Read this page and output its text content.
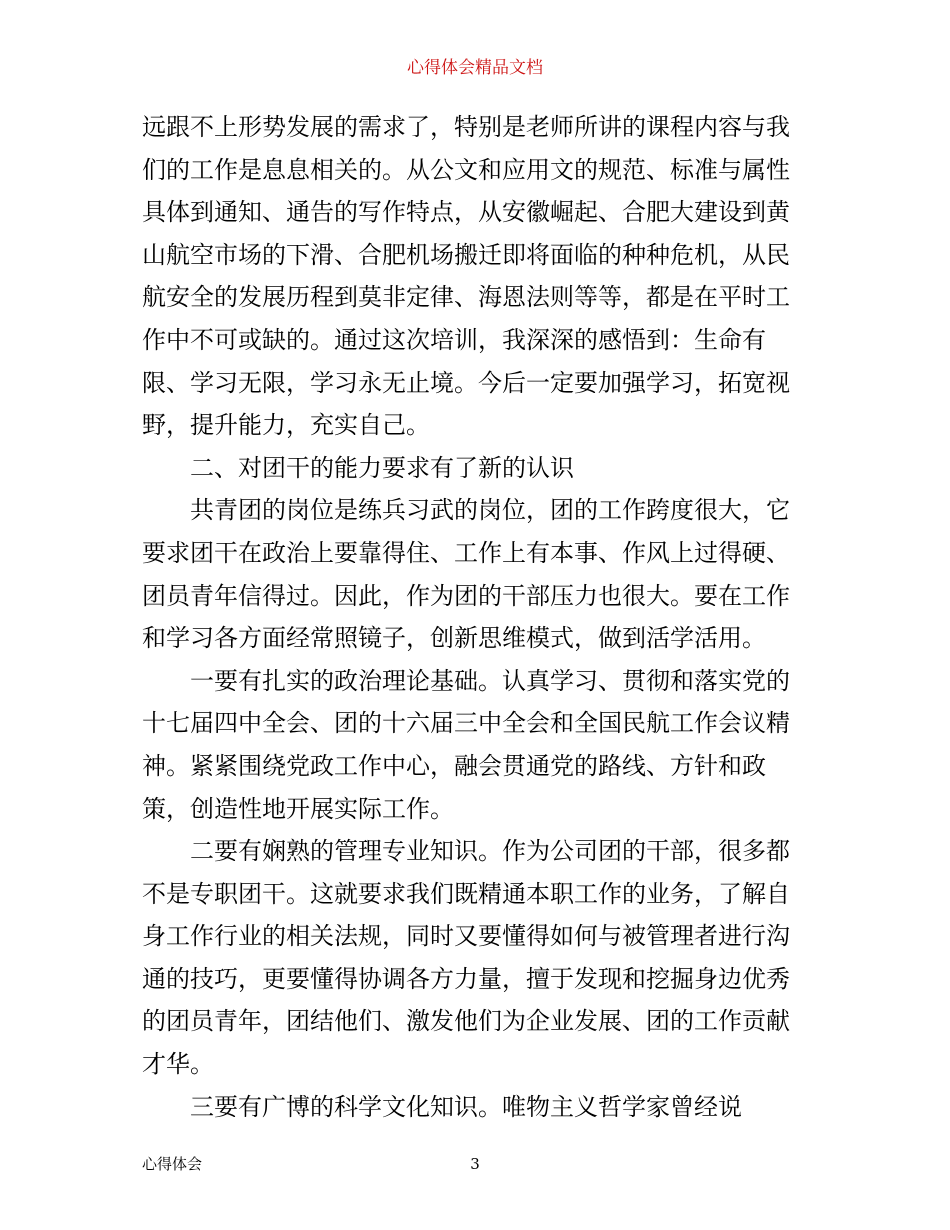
心得体会精品文档
远跟不上形势发展的需求了，特别是老师所讲的课程内容与我
们的工作是息息相关的。从公文和应用文的规范、标准与属性
具体到通知、通告的写作特点，从安徽崛起、合肥大建设到黄
山航空市场的下滑、合肥机场搬迁即将面临的种种危机，从民
航安全的发展历程到莫非定律、海恩法则等等，都是在平时工
作中不可或缺的。通过这次培训，我深深的感悟到：生命有
限、学习无限，学习永无止境。今后一定要加强学习，拓宽视
野，提升能力，充实自己。
二、对团干的能力要求有了新的认识
共青团的岗位是练兵习武的岗位，团的工作跨度很大，它
要求团干在政治上要靠得住、工作上有本事、作风上过得硬、
团员青年信得过。因此，作为团的干部压力也很大。要在工作
和学习各方面经常照镜子，创新思维模式，做到活学活用。
一要有扎实的政治理论基础。认真学习、贯彻和落实党的
十七届四中全会、团的十六届三中全会和全国民航工作会议精
神。紧紧围绕党政工作中心，融会贯通党的路线、方针和政
策，创造性地开展实际工作。
二要有娴熟的管理专业知识。作为公司团的干部，很多都
不是专职团干。这就要求我们既精通本职工作的业务，了解自
身工作行业的相关法规，同时又要懂得如何与被管理者进行沟
通的技巧，更要懂得协调各方力量，擅于发现和挖掘身边优秀
的团员青年，团结他们、激发他们为企业发展、团的工作贡献
才华。
三要有广博的科学文化知识。唯物主义哲学家曾经说
心得体会	3
